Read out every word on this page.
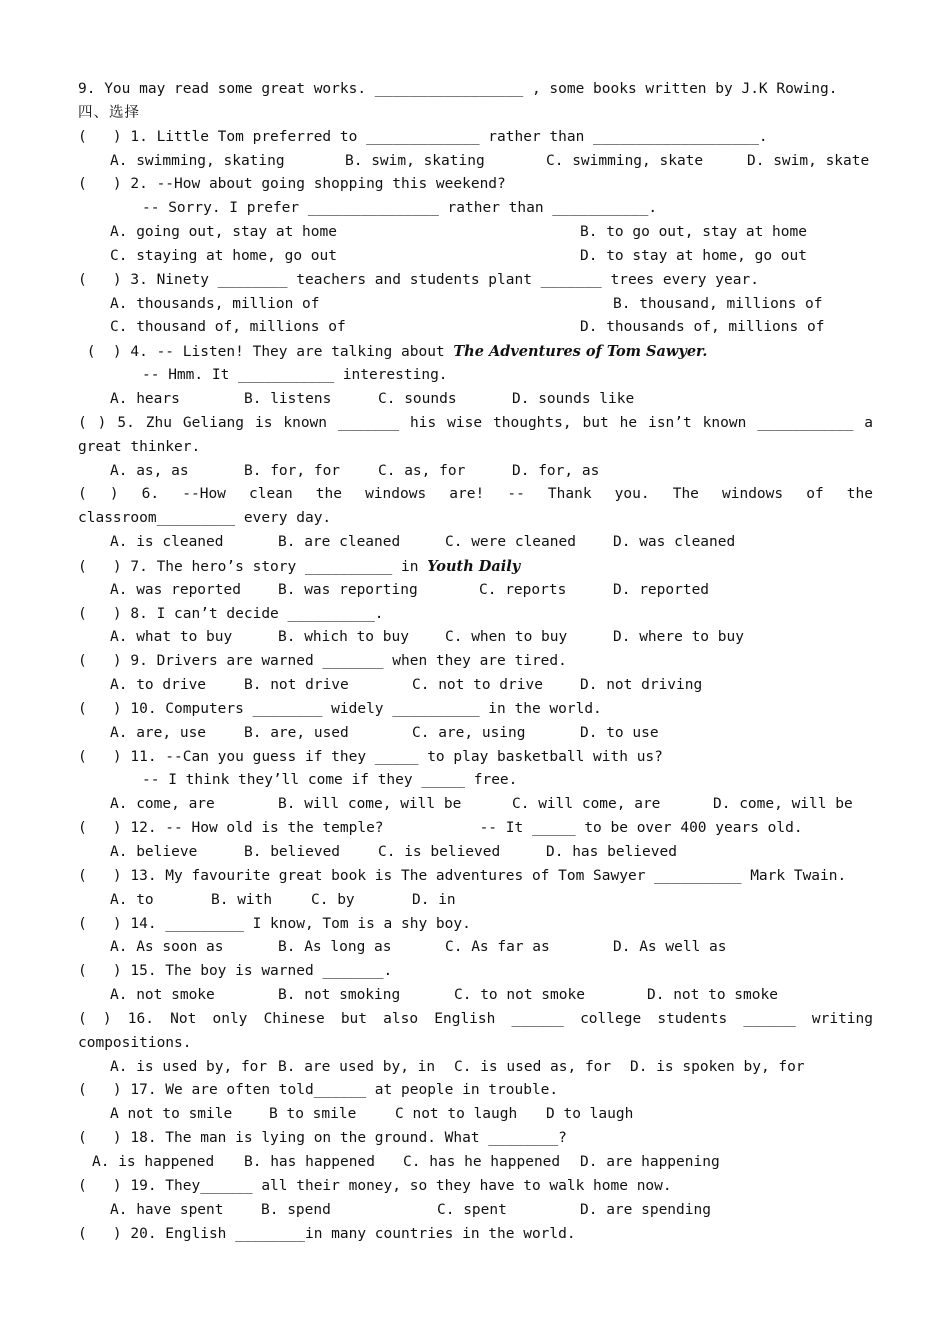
9. You may read some great works. _________________ , some books written by J.K Rowing.
四、选择
(   ) 1. Little Tom preferred to _____________ rather than ___________________.

A. swimming, skating

	B. swim, skating

	C. swimming, skate

	D. swim, skate

(   ) 2. --How about going shopping this weekend?
-- Sorry. I prefer _______________ rather than ___________.

A. going out, stay at home

	B. to go out, stay at home

C. staying at home, go out

	D. to stay at home, go out

(   ) 3. Ninety ________ teachers and students plant _______ trees every year.

A. thousands, million of

	B. thousand, millions of

C. thousand of, millions of

	D. thousands of, millions of

(  ) 4. -- Listen! They are talking about The Adventures of Tom Sawyer.
-- Hmm. It ___________ interesting.

A. hears

	B. listens

	C. sounds

	D. sounds like

( ) 5. Zhu Geliang is known _______ his wise thoughts, but he isn’t known ___________ a
great thinker.

A. as, as

	B. for, for

	C. as, for

	D. for, as

( ) 6. --How clean the windows are! -- Thank you. The windows of the
classroom_________ every day.

A. is cleaned

	B. are cleaned

	C. were cleaned

	D. was cleaned

(   ) 7. The hero’s story __________ in Youth Daily

A. was reported

	B. was reporting

	C. reports

	D. reported

(   ) 8. I can’t decide __________.

A. what to buy

	B. which to buy

C. when to buy

	D. where to buy

(   ) 9. Drivers are warned _______ when they are tired.

A. to drive

	B. not drive

	C. not to drive

	D. not driving

(   ) 10. Computers ________ widely __________ in the world.

A. are, use

	B. are, used

	C. are, using

	D. to use

(   ) 11. --Can you guess if they _____ to play basketball with us?
-- I think they’ll come if they _____ free.

A. come, are

	B. will come, will be

	C. will come, are

	D. come, will be

(   ) 12. -- How old is the temple?           -- It _____ to be over 400 years old.

A. believe

	B. believed

	C. is believed

	D. has believed

(   ) 13. My favourite great book is The adventures of Tom Sawyer __________ Mark Twain.

A. to

	B. with

	C. by

	D. in

(   ) 14. _________ I know, Tom is a shy boy.

A. As soon as

	B. As long as

	C. As far as

	D. As well as

(   ) 15. The boy is warned _______.

A. not smoke

	B. not smoking

	C. to not smoke

	D. not to smoke

( ) 16. Not only Chinese but also English ______ college students ______ writing
compositions.

A. is used by, for

B. are used by, in

C. is used as, for

D. is spoken by, for

(   ) 17. We are often told______ at people in trouble.

A not to smile

	B to smile

	C not to laugh

D to laugh

(   ) 18. The man is lying on the ground. What ________?

A. is happened

B. has happened

C. has he happened

D. are happening

(   ) 19. They______ all their money, so they have to walk home now.

A. have spent

	B. spend

	C. spent

	D. are spending

(   ) 20. English ________in many countries in the world.
